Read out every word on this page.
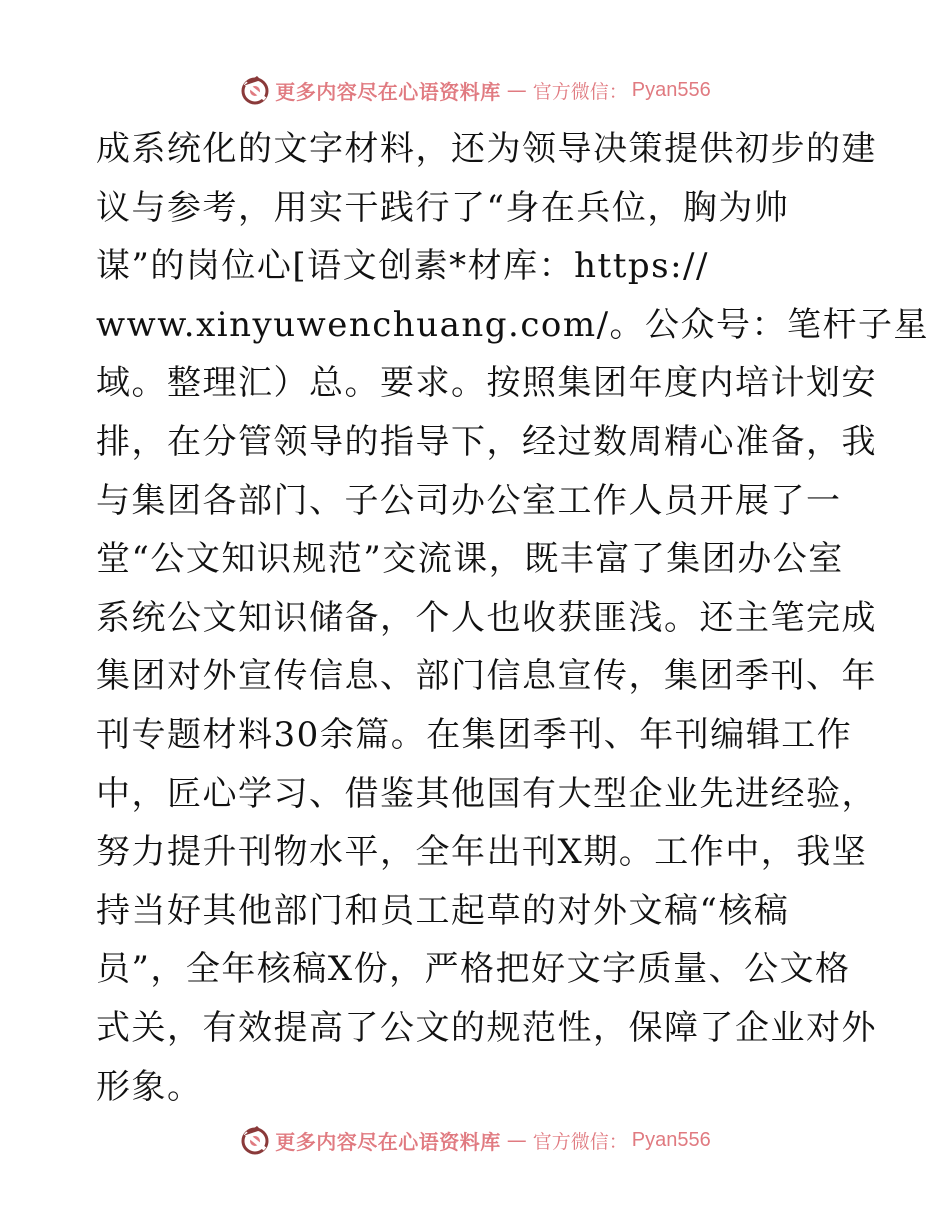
更多内容尽在心语资料库 — 官方微信： Pyan556
成系统化的文字材料，还为领导决策提供初步的建
议与参考，用实干践行了“身在兵位，胸为帅
谋”的岗位心[语文创素*材库：https://
www.xinyuwenchuang.com/。公众号：笔杆子星
域。整理汇）总。要求。按照集团年度内培计划安
排，在分管领导的指导下，经过数周精心准备，我
与集团各部门、子公司办公室工作人员开展了一
堂“公文知识规范”交流课，既丰富了集团办公室
系统公文知识储备，个人也收获匪浅。还主笔完成
集团对外宣传信息、部门信息宣传，集团季刊、年
刊专题材料30余篇。在集团季刊、年刊编辑工作
中，匠心学习、借鉴其他国有大型企业先进经验，
努力提升刊物水平，全年出刊X期。工作中，我坚
持当好其他部门和员工起草的对外文稿“核稿
员”，全年核稿X份，严格把好文字质量、公文格
式关，有效提高了公文的规范性，保障了企业对外
形象。
更多内容尽在心语资料库 — 官方微信： Pyan556
